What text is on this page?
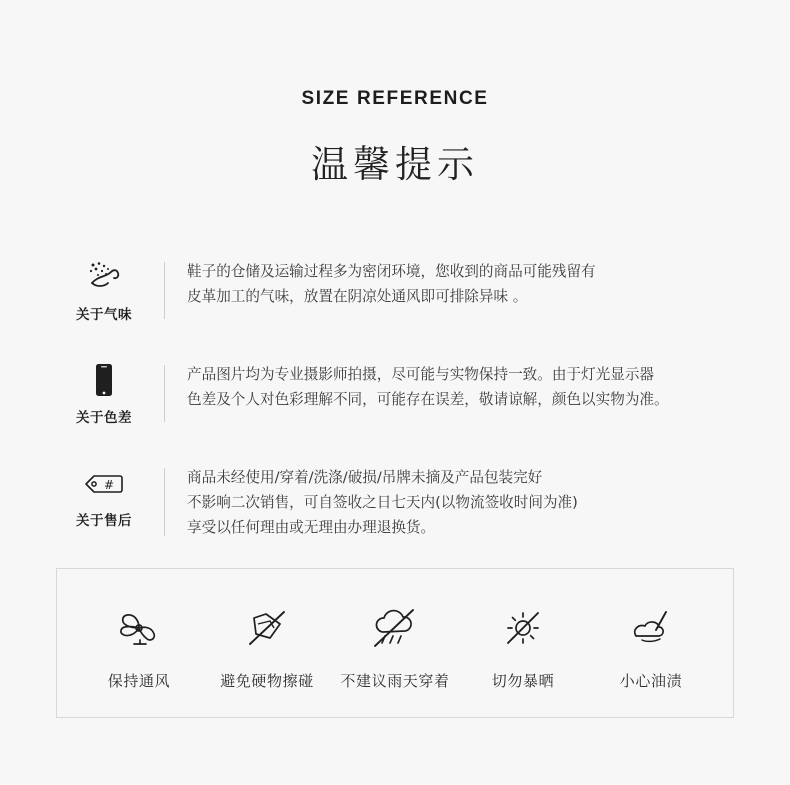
SIZE REFERENCE
温馨提示
关于气味
鞋子的仓储及运输过程多为密闭环境，您收到的商品可能残留有
皮革加工的气味，放置在阴凉处通风即可排除异味 。
关于色差
产品图片均为专业摄影师拍摄，尽可能与实物保持一致。由于灯光显示器
色差及个人对色彩理解不同，可能存在误差，敬请谅解，颜色以实物为准。
#
关于售后
商品未经使用/穿着/洗涤/破损/吊牌未摘及产品包装完好
不影响二次销售，可自签收之日七天内(以物流签收时间为准)
享受以任何理由或无理由办理退换货。
保持通风	避免硬物擦碰	不建议雨天穿着	切勿暴晒	小心油渍
